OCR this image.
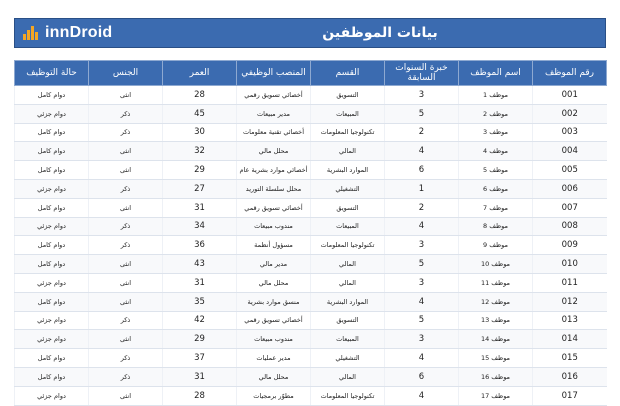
innDroid	بيانات الموظفين
رقم الموظف	اسم الموظف	خبرة السنوات السابقة	القسم	المنصب الوظيفي	العمر	الجنس	حالة التوظيف
001	موظف 1	3	التسويق	أخصائي تسويق رقمي	28	انثى	دوام كامل
002	موظف 2	5	المبيعات	مدير مبيعات	45	ذكر	دوام جزئي
003	موظف 3	2	تكنولوجيا المعلومات	أخصائي تقنية معلومات	30	ذكر	دوام كامل
004	موظف 4	4	المالي	محلل مالي	32	انثى	دوام كامل
005	موظف 5	6	الموارد البشرية	أخصائي موارد بشرية عام	29	انثى	دوام كامل
006	موظف 6	1	التشغيلي	محلل سلسلة التوريد	27	ذكر	دوام جزئي
007	موظف 7	2	التسويق	أخصائي تسويق رقمي	31	انثى	دوام كامل
008	موظف 8	4	المبيعات	مندوب مبيعات	34	ذكر	دوام جزئي
009	موظف 9	3	تكنولوجيا المعلومات	مسؤول أنظمة	36	ذكر	دوام كامل
010	موظف 10	5	المالي	مدير مالي	43	انثى	دوام كامل
011	موظف 11	3	المالي	محلل مالي	31	انثى	دوام جزئي
012	موظف 12	4	الموارد البشرية	منسق موارد بشرية	35	انثى	دوام كامل
013	موظف 13	5	التسويق	أخصائي تسويق رقمي	42	ذكر	دوام جزئي
014	موظف 14	3	المبيعات	مندوب مبيعات	29	انثى	دوام جزئي
015	موظف 15	4	التشغيلي	مدير عمليات	37	ذكر	دوام كامل
016	موظف 16	6	المالي	محلل مالي	31	ذكر	دوام كامل
017	موظف 17	4	تكنولوجيا المعلومات	مطوّر برمجيات	28	انثى	دوام جزئي
